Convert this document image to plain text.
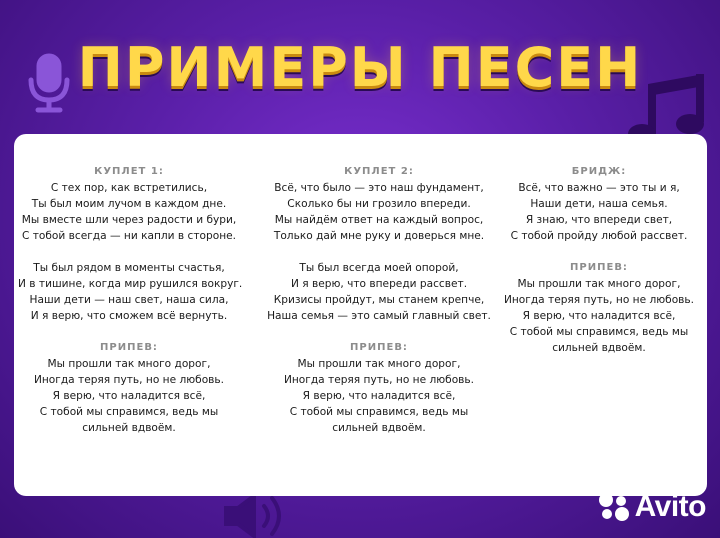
ПРИМЕРЫ ПЕСЕН
КУПЛЕТ 1:
С тех пор, как встретились,
Ты был моим лучом в каждом дне.
Мы вместе шли через радости и бури,
С тобой всегда — ни капли в стороне.
Ты был рядом в моменты счастья,
И в тишине, когда мир рушился вокруг.
Наши дети — наш свет, наша сила,
И я верю, что сможем всё вернуть.
ПРИПЕВ:
Мы прошли так много дорог,
Иногда теряя путь, но не любовь.
Я верю, что наладится всё,
С тобой мы справимся, ведь мы
сильней вдвоём.
КУПЛЕТ 2:
Всё, что было — это наш фундамент,
Сколько бы ни грозило впереди.
Мы найдём ответ на каждый вопрос,
Только дай мне руку и доверься мне.
Ты был всегда моей опорой,
И я верю, что впереди рассвет.
Кризисы пройдут, мы станем крепче,
Наша семья — это самый главный свет.
ПРИПЕВ:
Мы прошли так много дорог,
Иногда теряя путь, но не любовь.
Я верю, что наладится всё,
С тобой мы справимся, ведь мы
сильней вдвоём.
БРИДЖ:
Всё, что важно — это ты и я,
Наши дети, наша семья.
Я знаю, что впереди свет,
С тобой пройду любой рассвет.
ПРИПЕВ:
Мы прошли так много дорог,
Иногда теряя путь, но не любовь.
Я верю, что наладится всё,
С тобой мы справимся, ведь мы
сильней вдвоём.
Avito
